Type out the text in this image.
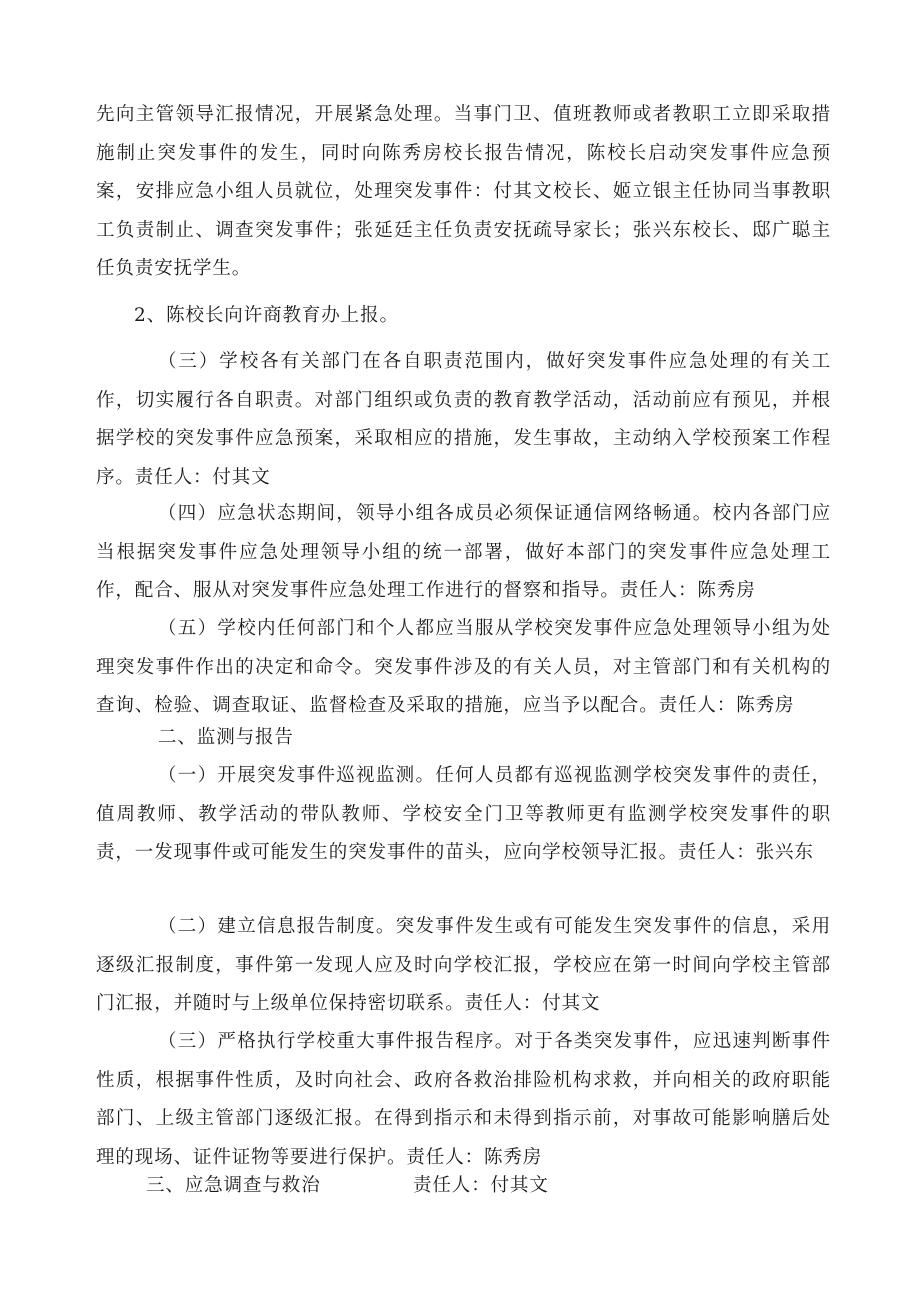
先向主管领导汇报情况，开展紧急处理。当事门卫、值班教师或者教职工立即采取措施制止突发事件的发生，同时向陈秀房校长报告情况，陈校长启动突发事件应急预案，安排应急小组人员就位，处理突发事件：付其文校长、姬立银主任协同当事教职工负责制止、调查突发事件；张延廷主任负责安抚疏导家长；张兴东校长、邸广聪主任负责安抚学生。

2、陈校长向许商教育办上报。

（三）学校各有关部门在各自职责范围内，做好突发事件应急处理的有关工作，切实履行各自职责。对部门组织或负责的教育教学活动，活动前应有预见，并根据学校的突发事件应急预案，采取相应的措施，发生事故，主动纳入学校预案工作程序。责任人：付其文

（四）应急状态期间，领导小组各成员必须保证通信网络畅通。校内各部门应当根据突发事件应急处理领导小组的统一部署，做好本部门的突发事件应急处理工作，配合、服从对突发事件应急处理工作进行的督察和指导。责任人：陈秀房

（五）学校内任何部门和个人都应当服从学校突发事件应急处理领导小组为处理突发事件作出的决定和命令。突发事件涉及的有关人员，对主管部门和有关机构的查询、检验、调查取证、监督检查及采取的措施，应当予以配合。责任人：陈秀房

二、监测与报告

（一）开展突发事件巡视监测。任何人员都有巡视监测学校突发事件的责任，值周教师、教学活动的带队教师、学校安全门卫等教师更有监测学校突发事件的职责，一发现事件或可能发生的突发事件的苗头，应向学校领导汇报。责任人：张兴东

（二）建立信息报告制度。突发事件发生或有可能发生突发事件的信息，采用逐级汇报制度，事件第一发现人应及时向学校汇报，学校应在第一时间向学校主管部门汇报，并随时与上级单位保持密切联系。责任人：付其文

（三）严格执行学校重大事件报告程序。对于各类突发事件，应迅速判断事件性质，根据事件性质，及时向社会、政府各救治排险机构求救，并向相关的政府职能部门、上级主管部门逐级汇报。在得到指示和未得到指示前，对事故可能影响膳后处理的现场、证件证物等要进行保护。责任人：陈秀房

三、应急调查与救治	责任人：付其文
